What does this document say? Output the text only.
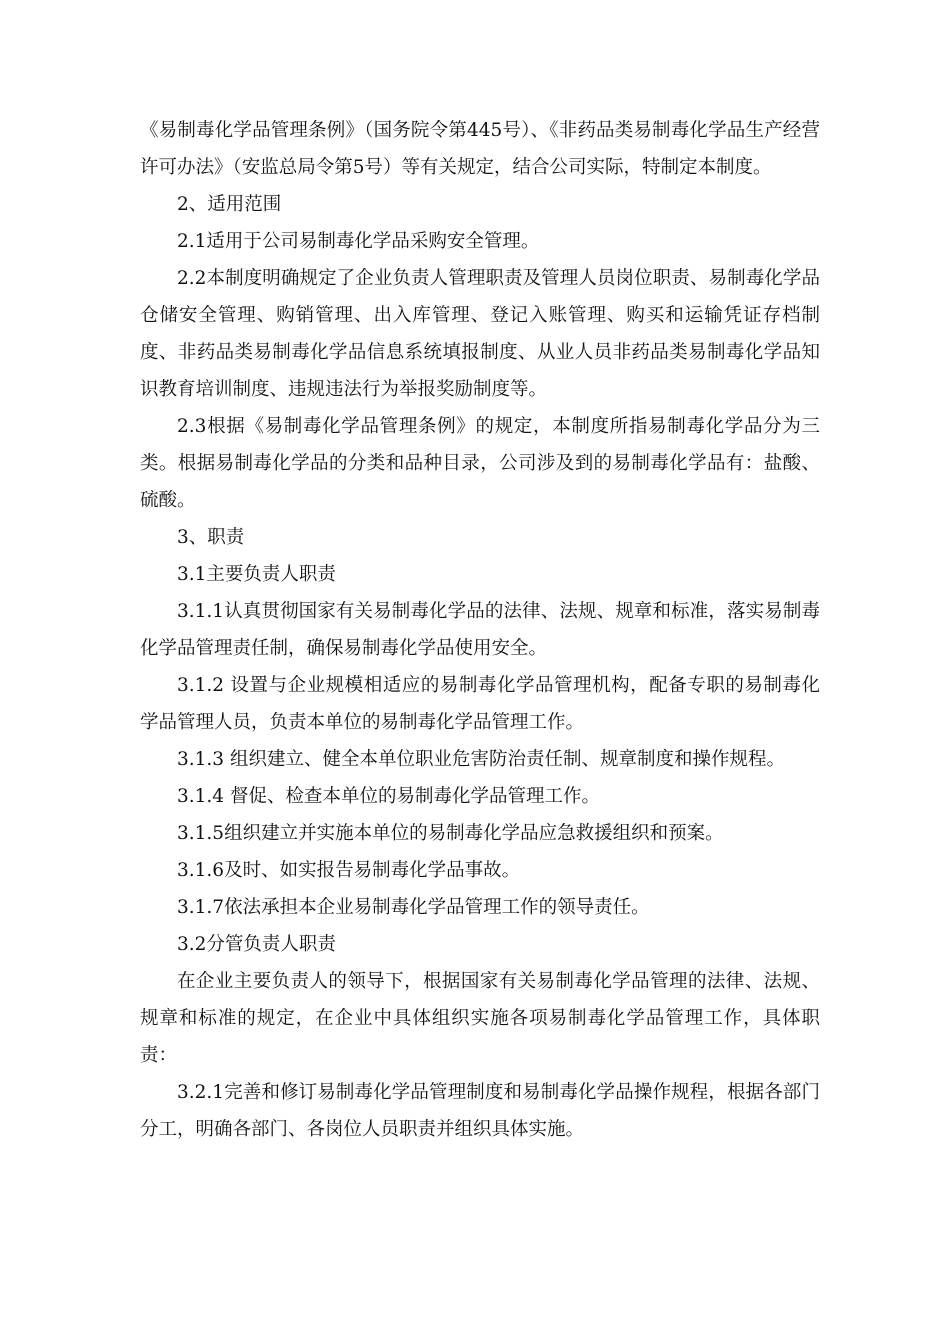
《易制毒化学品管理条例》（国务院令第445号）、《非药品类易制毒化学品生产经营许可办法》（安监总局令第5号）等有关规定，结合公司实际，特制定本制度。

2、适用范围

2.1适用于公司易制毒化学品采购安全管理。

2.2本制度明确规定了企业负责人管理职责及管理人员岗位职责、易制毒化学品仓储安全管理、购销管理、出入库管理、登记入账管理、购买和运输凭证存档制度、非药品类易制毒化学品信息系统填报制度、从业人员非药品类易制毒化学品知识教育培训制度、违规违法行为举报奖励制度等。

2.3根据《易制毒化学品管理条例》的规定，本制度所指易制毒化学品分为三类。根据易制毒化学品的分类和品种目录，公司涉及到的易制毒化学品有：盐酸、硫酸。

3、职责

3.1主要负责人职责

3.1.1认真贯彻国家有关易制毒化学品的法律、法规、规章和标准，落实易制毒化学品管理责任制，确保易制毒化学品使用安全。

3.1.2 设置与企业规模相适应的易制毒化学品管理机构，配备专职的易制毒化学品管理人员，负责本单位的易制毒化学品管理工作。

3.1.3 组织建立、健全本单位职业危害防治责任制、规章制度和操作规程。

3.1.4 督促、检查本单位的易制毒化学品管理工作。

3.1.5组织建立并实施本单位的易制毒化学品应急救援组织和预案。

3.1.6及时、如实报告易制毒化学品事故。

3.1.7依法承担本企业易制毒化学品管理工作的领导责任。

3.2分管负责人职责

在企业主要负责人的领导下，根据国家有关易制毒化学品管理的法律、法规、规章和标准的规定，在企业中具体组织实施各项易制毒化学品管理工作，具体职责：

3.2.1完善和修订易制毒化学品管理制度和易制毒化学品操作规程，根据各部门分工，明确各部门、各岗位人员职责并组织具体实施。
